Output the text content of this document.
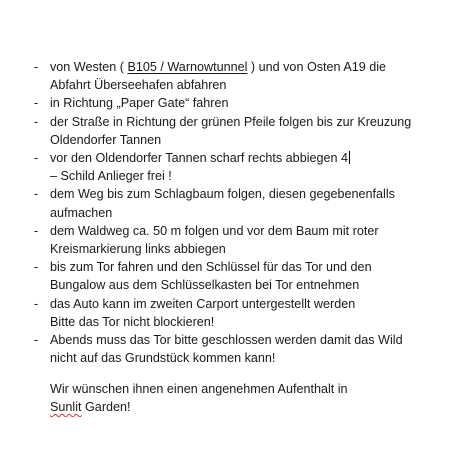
- von Westen ( B105 / Warnowtunnel ) und von Osten A19 die
Abfahrt Überseehafen abfahren
- in Richtung „Paper Gate“ fahren
- der Straße in Richtung der grünen Pfeile folgen bis zur Kreuzung
Oldendorfer Tannen
- vor den Oldendorfer Tannen scharf rechts abbiegen 4
– Schild Anlieger frei !
- dem Weg bis zum Schlagbaum folgen, diesen gegebenenfalls
aufmachen
- dem Waldweg ca. 50 m folgen und vor dem Baum mit roter
Kreismarkierung links abbiegen
- bis zum Tor fahren und den Schlüssel für das Tor und den
Bungalow aus dem Schlüsselkasten bei Tor entnehmen
- das Auto kann im zweiten Carport untergestellt werden
Bitte das Tor nicht blockieren!
- Abends muss das Tor bitte geschlossen werden damit das Wild
nicht auf das Grundstück kommen kann!
Wir wünschen ihnen einen angenehmen Aufenthalt in
Sunlit Garden!
